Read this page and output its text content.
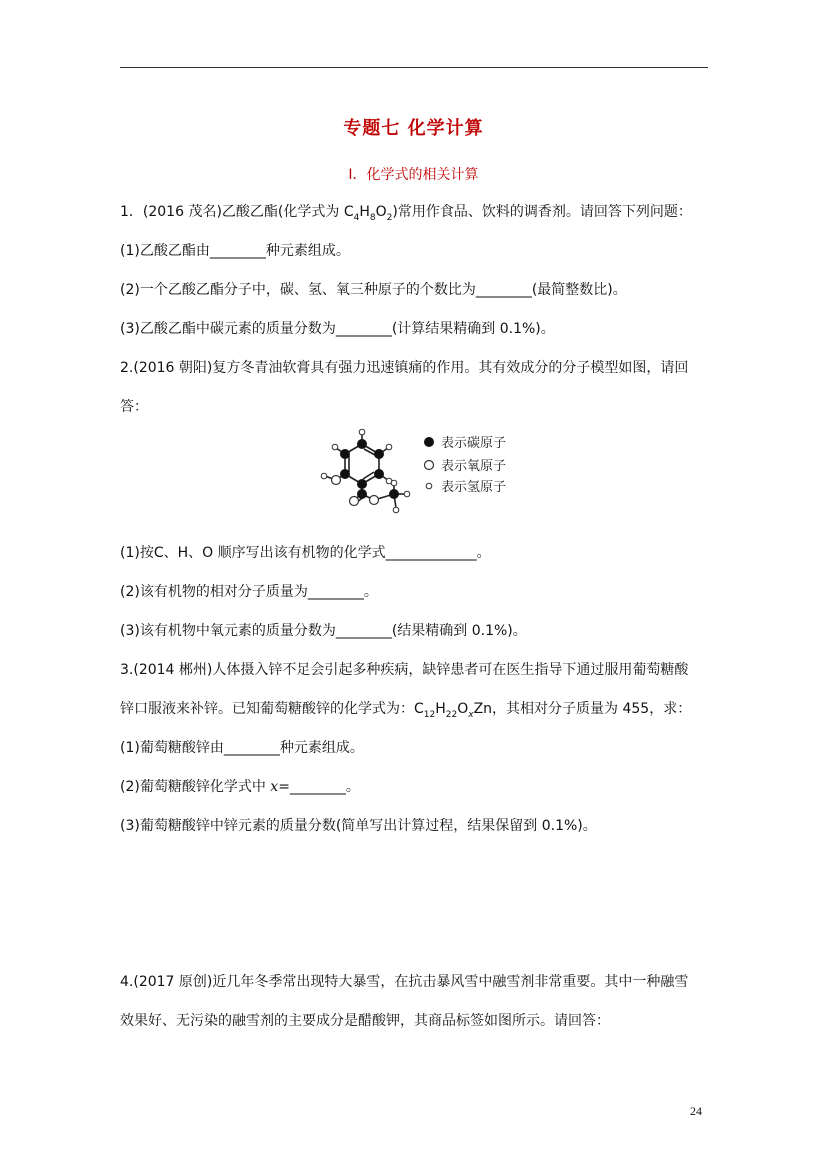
专题七 化学计算
Ⅰ．化学式的相关计算
1．(2016 茂名)乙酸乙酯(化学式为 $C_4H_8O_2$)常用作食品、饮料的调香剂。请回答下列问题：
(1)乙酸乙酯由________种元素组成。
(2)一个乙酸乙酯分子中，碳、氢、氧三种原子的个数比为________(最简整数比)。
(3)乙酸乙酯中碳元素的质量分数为________(计算结果精确到 0.1%)。
2.(2016 朝阳)复方冬青油软膏具有强力迅速镇痛的作用。其有效成分的分子模型如图，请回
答：
表示碳原子
表示氧原子
表示氢原子
(1)按C、H、O 顺序写出该有机物的化学式_____________。
(2)该有机物的相对分子质量为________。
(3)该有机物中氧元素的质量分数为________(结果精确到 0.1%)。
3.(2014 郴州)人体摄入锌不足会引起多种疾病，缺锌患者可在医生指导下通过服用葡萄糖酸
锌口服液来补锌。已知葡萄糖酸锌的化学式为：$C_{12}H_{22}O_xZn$，其相对分子质量为 455，求：
(1)葡萄糖酸锌由________种元素组成。
(2)葡萄糖酸锌化学式中 x=________。
(3)葡萄糖酸锌中锌元素的质量分数(简单写出计算过程，结果保留到 0.1%)。
4.(2017 原创)近几年冬季常出现特大暴雪，在抗击暴风雪中融雪剂非常重要。其中一种融雪
效果好、无污染的融雪剂的主要成分是醋酸钾，其商品标签如图所示。请回答：
24
